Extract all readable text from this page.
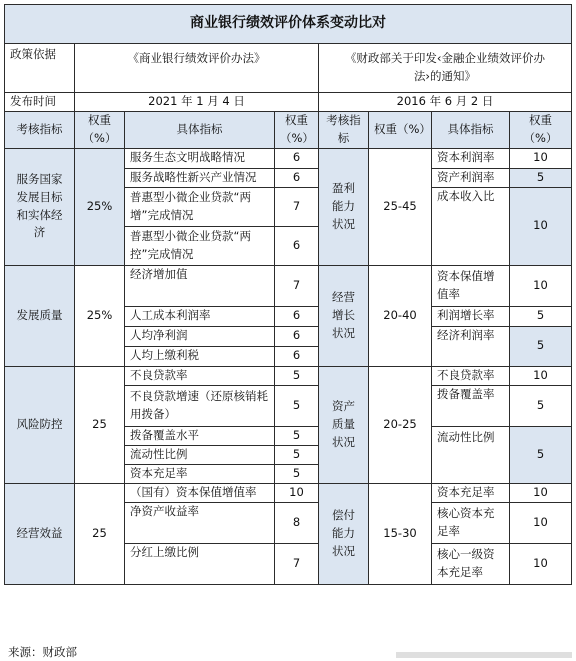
商业银行绩效评价体系变动比对							
政策依据	《商业银行绩效评价办法》			《财政部关于印发‹金融企业绩效评价办法›的通知》			
发布时间	2021 年 1 月 4 日			2016 年 6 月 2 日			
考核指标	权重（%）	具体指标	权重（%）	考核指标	权重（%）	具体指标	权重（%）
服务国家发展目标和实体经济	25%	服务生态文明战略情况	6	盈利能力状况	25-45	资本利润率	10
		服务战略性新兴产业情况	6			资产利润率	5

		普惠型小微企业贷款“两增”完成情况	7			成本收入比	10
		普惠型小微企业贷款“两控”完成情况	6				

发展质量	25%	经济增加值	7	经营增长状况	20-40	资本保值增值率	10
		人工成本利润率	6			利润增长率	5
		人均净利润	6			经济利润率	5
		人均上缴利税	6				
风险防控	25	不良贷款率	5	资产质量状况	20-25	不良贷款率	10
		不良贷款增速（还原核销耗用拨备）	5			拨备覆盖率	5
		拨备覆盖水平	5			流动性比例	5
		流动性比例	5				
		资本充足率	5				
经营效益	25	（国有）资本保值增值率	10	偿付能力状况	15-30	资本充足率	10
		净资产收益率	8			核心资本充足率	10
		分红上缴比例	7			核心一级资本充足率	10
来源：财政部
